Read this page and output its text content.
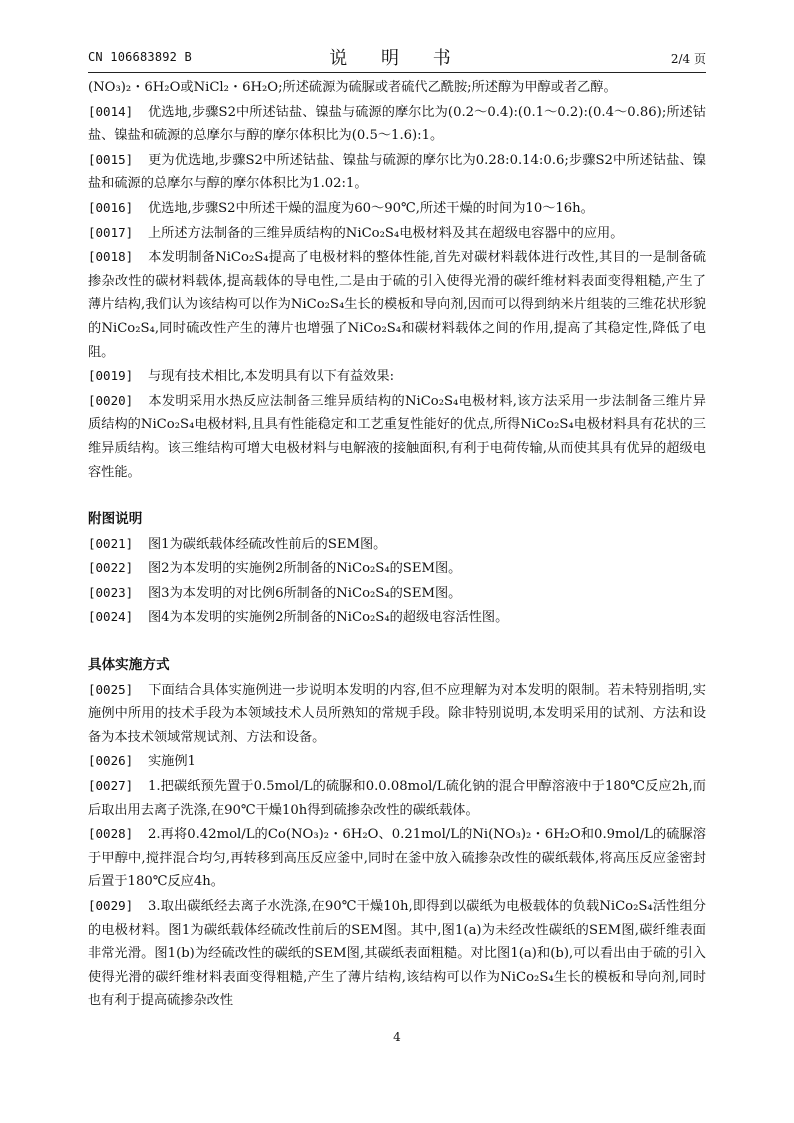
CN 106683892 B	说 明 书	2/4 页

(NO₃)₂・6H₂O或NiCl₂・6H₂O;所述硫源为硫脲或者硫代乙酰胺;所述醇为甲醇或者乙醇。

[0014] 优选地,步骤S2中所述钴盐、镍盐与硫源的摩尔比为(0.2～0.4):(0.1～0.2):(0.4～0.86);所述钴盐、镍盐和硫源的总摩尔与醇的摩尔体积比为(0.5～1.6):1。

[0015] 更为优选地,步骤S2中所述钴盐、镍盐与硫源的摩尔比为0.28:0.14:0.6;步骤S2中所述钴盐、镍盐和硫源的总摩尔与醇的摩尔体积比为1.02:1。

[0016] 优选地,步骤S2中所述干燥的温度为60～90℃,所述干燥的时间为10～16h。

[0017] 上所述方法制备的三维异质结构的NiCo₂S₄电极材料及其在超级电容器中的应用。

[0018] 本发明制备NiCo₂S₄提高了电极材料的整体性能,首先对碳材料载体进行改性,其目的一是制备硫掺杂改性的碳材料载体,提高载体的导电性,二是由于硫的引入使得光滑的碳纤维材料表面变得粗糙,产生了薄片结构,我们认为该结构可以作为NiCo₂S₄生长的模板和导向剂,因而可以得到纳米片组装的三维花状形貌的NiCo₂S₄,同时硫改性产生的薄片也增强了NiCo₂S₄和碳材料载体之间的作用,提高了其稳定性,降低了电阻。

[0019] 与现有技术相比,本发明具有以下有益效果:

[0020] 本发明采用水热反应法制备三维异质结构的NiCo₂S₄电极材料,该方法采用一步法制备三维片异质结构的NiCo₂S₄电极材料,且具有性能稳定和工艺重复性能好的优点,所得NiCo₂S₄电极材料具有花状的三维异质结构。该三维结构可增大电极材料与电解液的接触面积,有利于电荷传输,从而使其具有优异的超级电容性能。

附图说明

[0021] 图1为碳纸载体经硫改性前后的SEM图。

[0022] 图2为本发明的实施例2所制备的NiCo₂S₄的SEM图。

[0023] 图3为本发明的对比例6所制备的NiCo₂S₄的SEM图。

[0024] 图4为本发明的实施例2所制备的NiCo₂S₄的超级电容活性图。

具体实施方式

[0025] 下面结合具体实施例进一步说明本发明的内容,但不应理解为对本发明的限制。若未特别指明,实施例中所用的技术手段为本领域技术人员所熟知的常规手段。除非特别说明,本发明采用的试剂、方法和设备为本技术领域常规试剂、方法和设备。

[0026] 实施例1

[0027] 1.把碳纸预先置于0.5mol/L的硫脲和0.0.08mol/L硫化钠的混合甲醇溶液中于180℃反应2h,而后取出用去离子洗涤,在90℃干燥10h得到硫掺杂改性的碳纸载体。

[0028] 2.再将0.42mol/L的Co(NO₃)₂・6H₂O、0.21mol/L的Ni(NO₃)₂・6H₂O和0.9mol/L的硫脲溶于甲醇中,搅拌混合均匀,再转移到高压反应釜中,同时在釜中放入硫掺杂改性的碳纸载体,将高压反应釜密封后置于180℃反应4h。

[0029] 3.取出碳纸经去离子水洗涤,在90℃干燥10h,即得到以碳纸为电极载体的负载NiCo₂S₄活性组分的电极材料。图1为碳纸载体经硫改性前后的SEM图。其中,图1(a)为未经改性碳纸的SEM图,碳纤维表面非常光滑。图1(b)为经硫改性的碳纸的SEM图,其碳纸表面粗糙。对比图1(a)和(b),可以看出由于硫的引入使得光滑的碳纤维材料表面变得粗糙,产生了薄片结构,该结构可以作为NiCo₂S₄生长的模板和导向剂,同时也有利于提高硫掺杂改性

4
